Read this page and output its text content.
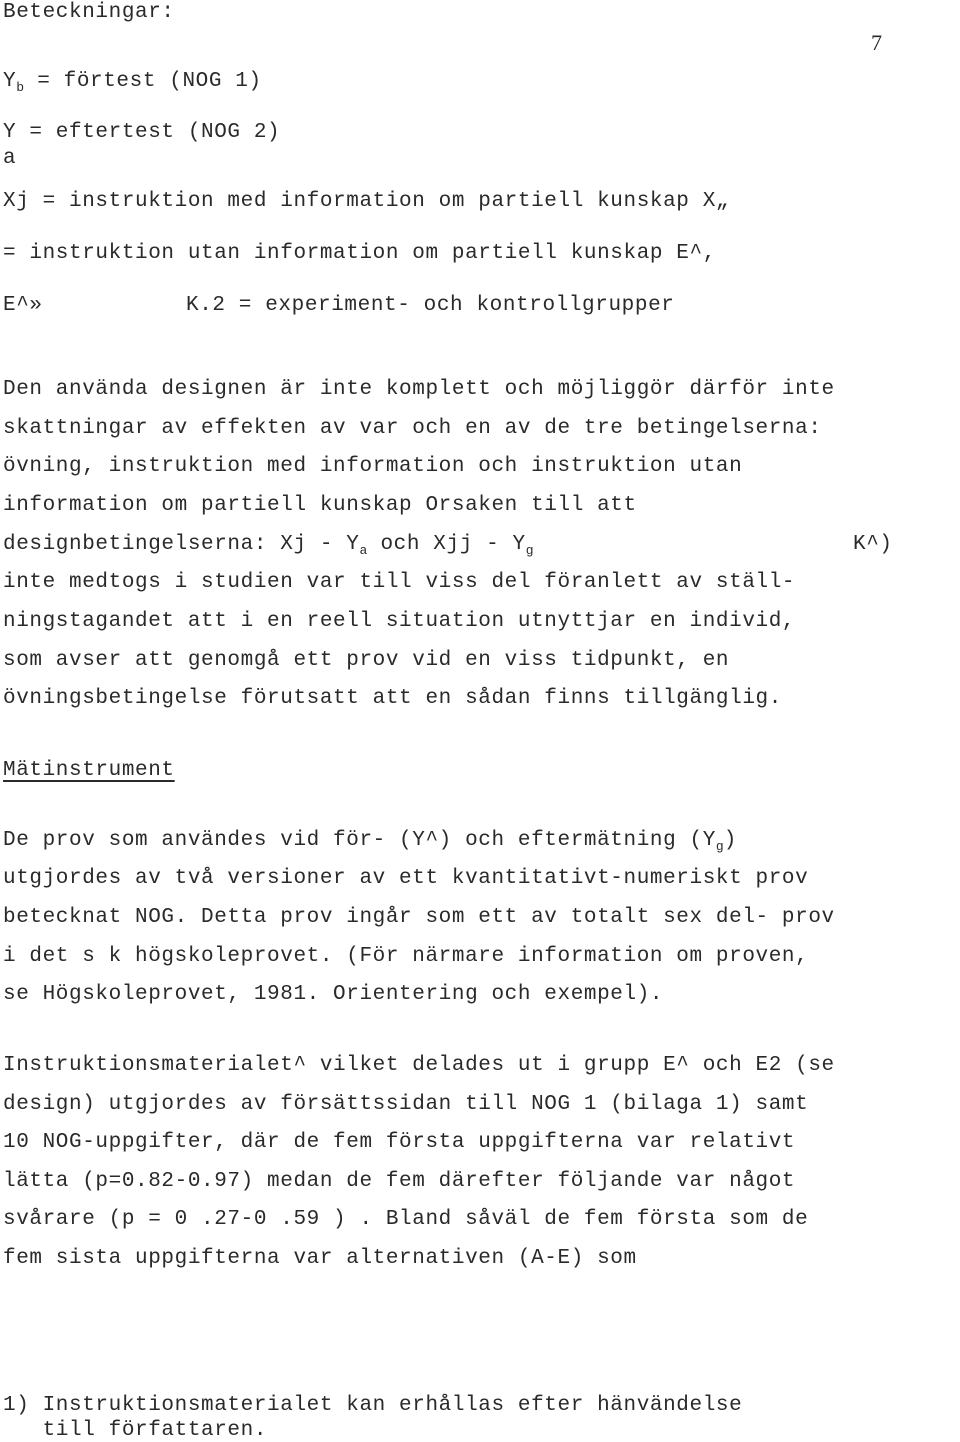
7
Beteckningar:
$Y_b$ = förtest (NOG 1)
Y = eftertest (NOG 2)
a
Xj = instruktion med information om partiell kunskap X„
= instruktion utan information om partiell kunskap E^,
E^»	K.2 = experiment- och kontrollgrupper
Den använda designen är inte komplett och möjliggör därför inte
skattningar av effekten av var och en av de tre betingelserna:
övning, instruktion med information och instruktion utan
information om partiell kunskap Orsaken till att
designbetingelserna: Xj - $Y_a$ och Xjj - $Y_g$	K^)
inte medtogs i studien var till viss del föranlett av ställ-
ningstagandet att i en reell situation utnyttjar en individ,
som avser att genomgå ett prov vid en viss tidpunkt, en
övningsbetingelse förutsatt att en sådan finns tillgänglig.
Mätinstrument
De prov som användes vid för- (Y^) och eftermätning $(Y_g)$
utgjordes av två versioner av ett kvantitativt-numeriskt prov
betecknat NOG. Detta prov ingår som ett av totalt sex del- prov
i det s k högskoleprovet. (För närmare information om proven,
se Högskoleprovet, 1981. Orientering och exempel).
Instruktionsmaterialet^ vilket delades ut i grupp E^ och E2 (se
design) utgjordes av försättssidan till NOG 1 (bilaga 1) samt
10 NOG-uppgifter, där de fem första uppgifterna var relativt
lätta (p=0.82-0.97) medan de fem därefter följande var något
svårare (p = 0 .27-0 .59 ) . Bland såväl de fem första som de
fem sista uppgifterna var alternativen (A-E) som
1) Instruktionsmaterialet kan erhållas efter hänvändelse
till författaren.
